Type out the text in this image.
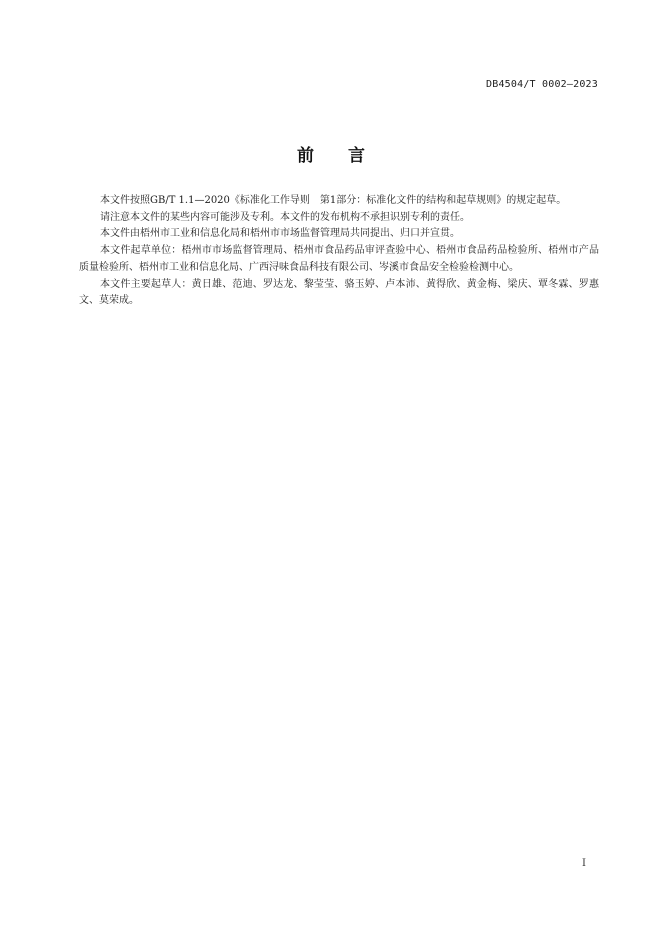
DB4504/T 0002—2023
前 言

本文件按照GB/T 1.1—2020《标准化工作导则　第1部分：标准化文件的结构和起草规则》的规定起草。

请注意本文件的某些内容可能涉及专利。本文件的发布机构不承担识别专利的责任。

本文件由梧州市工业和信息化局和梧州市市场监督管理局共同提出、归口并宣贯。

本文件起草单位：梧州市市场监督管理局、梧州市食品药品审评查验中心、梧州市食品药品检验所、梧州市产品质量检验所、梧州市工业和信息化局、广西浔味食品科技有限公司、岑溪市食品安全检验检测中心。

本文件主要起草人：黄日雄、范迪、罗达龙、黎莹莹、骆玉婷、卢本沛、黄得欣、黄金梅、梁庆、覃冬霖、罗惠文、莫荣成。

I
